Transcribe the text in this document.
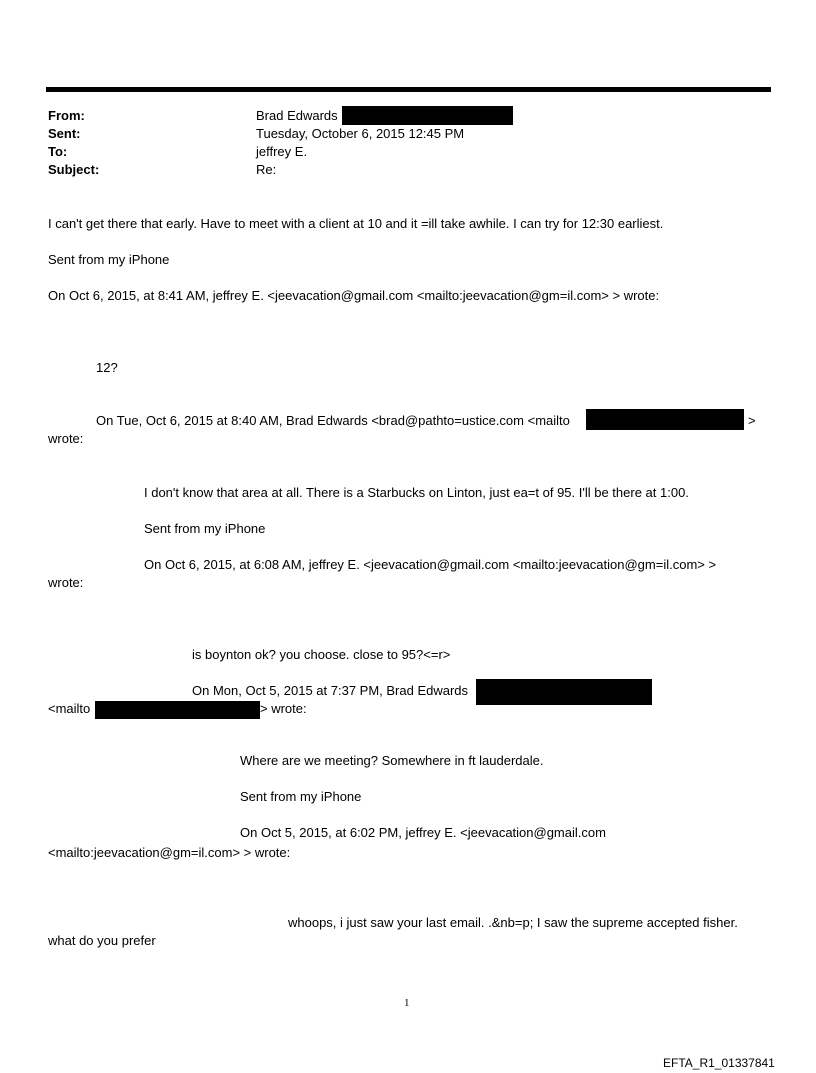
From:	Brad Edwards
Sent:	Tuesday, October 6, 2015 12:45 PM
To:	jeffrey E.
Subject:	Re:
I can't get there that early. Have to meet with a client at 10 and it =ill take awhile. I can try for 12:30 earliest.
Sent from my iPhone
On Oct 6, 2015, at 8:41 AM, jeffrey E. <jeevacation@gmail.com <mailto:jeevacation@gm=il.com> > wrote:
12?
On Tue, Oct 6, 2015 at 8:40 AM, Brad Edwards <brad@pathto=ustice.com <mailto	>
wrote:
I don't know that area at all. There is a Starbucks on Linton, just ea=t of 95. I'll be there at 1:00.
Sent from my iPhone
On Oct 6, 2015, at 6:08 AM, jeffrey E. <jeevacation@gmail.com <mailto:jeevacation@gm=il.com> >
wrote:
is boynton ok? you choose. close to 95?<=r>
On Mon, Oct 5, 2015 at 7:37 PM, Brad Edwards
<mailto	> wrote:
Where are we meeting? Somewhere in ft lauderdale.
Sent from my iPhone
On Oct 5, 2015, at 6:02 PM, jeffrey E. <jeevacation@gmail.com
<mailto:jeevacation@gm=il.com> > wrote:
whoops, i just saw your last email. .&nb=p; I saw the supreme accepted fisher.
what do you prefer
1
EFTA_R1_01337841
